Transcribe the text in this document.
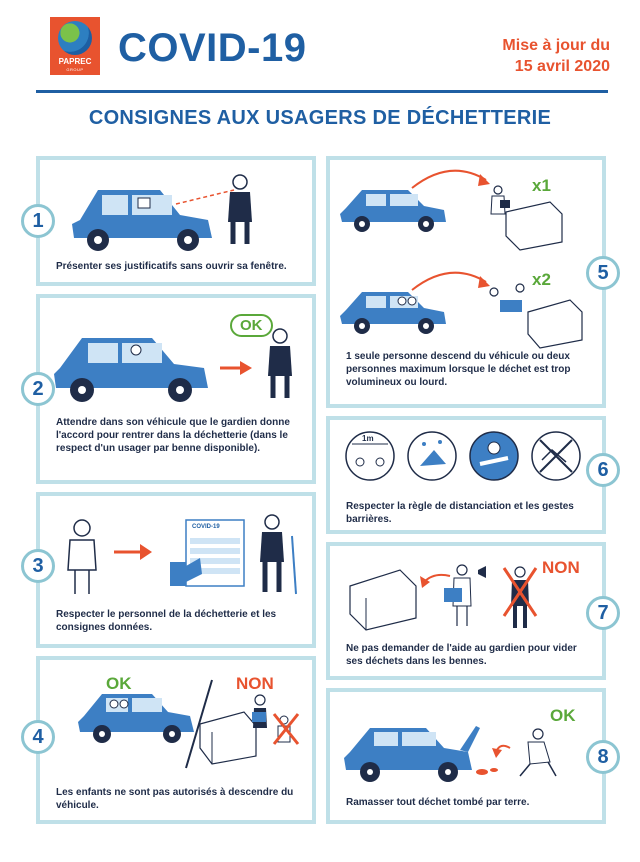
PAPREC
GROUP COVID-19	Mise à jour du
15 avril 2020
CONSIGNES AUX USAGERS DE DÉCHETTERIE
Présenter ses justificatifs sans ouvrir sa fenêtre.
1
OK
Attendre dans son véhicule que le gardien donne l'accord pour rentrer dans la déchetterie (dans le respect d'un usager par benne disponible).
2
COVID-19
Respecter le personnel de la déchetterie et les consignes données.
3
OK	NON
Les enfants ne sont pas autorisés à descendre du véhicule.
4
x1
x2
1 seule personne descend du véhicule ou deux personnes maximum lorsque le déchet est trop volumineux ou lourd.
5
1m
Respecter la règle de distanciation et les gestes barrières.
6
NON
Ne pas demander de l'aide au gardien pour vider ses déchets dans les bennes.
7
OK
Ramasser tout déchet tombé par terre.
8
